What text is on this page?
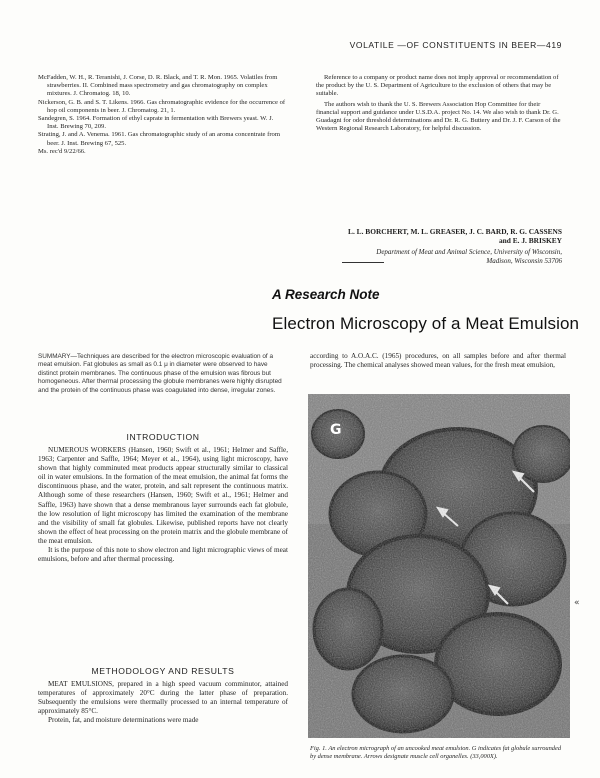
VOLATILE —OF CONSTITUENTS IN BEER—419

McFadden, W. H., R. Teranishi, J. Corse, D. R. Black, and T. R. Mon. 1965. Volatiles from strawberries. II. Combined mass spectrometry and gas chromatography on complex mixtures. J. Chromatog. 18, 10.

Nickerson, G. B. and S. T. Likens. 1966. Gas chromatographic evidence for the occurrence of hop oil components in beer. J. Chromatog. 21, 1.

Sandegren, S. 1964. Formation of ethyl caprate in fermentation with Brewers yeast. W. J. Inst. Brewing 70, 209.

Strating, J. and A. Venema. 1961. Gas chromatographic study of an aroma concentrate from beer. J. Inst. Brewing 67, 525.

Ms. rec'd 9/22/66.

Reference to a company or product name does not imply approval or recommendation of the product by the U. S. Department of Agriculture to the exclusion of others that may be suitable.

The authors wish to thank the U. S. Brewers Association Hop Committee for their financial support and guidance under U.S.D.A. project No. 14. We also wish to thank Dr. G. Guadagni for odor threshold determinations and Dr. R. G. Buttery and Dr. J. F. Carson of the Western Regional Research Laboratory, for helpful discussion.

L. L. BORCHERT, M. L. GREASER, J. C. BARD, R. G. CASSENS
and E. J. BRISKEY
Department of Meat and Animal Science, University of Wisconsin,
Madison, Wisconsin 53706
A Research Note
Electron Microscopy of a Meat Emulsion

SUMMARY—Techniques are described for the electron microscopic evaluation of a meat emulsion. Fat globules as small as 0.1 μ in diameter were observed to have distinct protein membranes. The continuous phase of the emulsion was fibrous but homogeneous. After thermal processing the globule membranes were highly disrupted and the protein of the continuous phase was coagulated into dense, irregular zones.

INTRODUCTION

NUMEROUS WORKERS (Hansen, 1960; Swift et al., 1961; Helmer and Saffle, 1963; Carpenter and Saffle, 1964; Meyer et al., 1964), using light microscopy, have shown that highly comminuted meat products appear structurally similar to classical oil in water emulsions. In the formation of the meat emulsion, the animal fat forms the discontinuous phase, and the water, protein, and salt represent the continuous matrix. Although some of these researchers (Hansen, 1960; Swift et al., 1961; Helmer and Saffle, 1963) have shown that a dense membranous layer surrounds each fat globule, the low resolution of light microscopy has limited the examination of the membrane and the visibility of small fat globules. Likewise, published reports have not clearly shown the effect of heat processing on the protein matrix and the globule membrane of the meat emulsion.

It is the purpose of this note to show electron and light micrographic views of meat emulsions, before and after thermal processing.

METHODOLOGY AND RESULTS

MEAT EMULSIONS, prepared in a high speed vacuum comminutor, attained temperatures of approximately 20°C during the latter phase of preparation. Subsequently the emulsions were thermally processed to an internal temperature of approximately 85°C.

Protein, fat, and moisture determinations were made

according to A.O.A.C. (1965) procedures, on all samples before and after thermal processing. The chemical analyses showed mean values, for the fresh meat emulsion,

G

Fig. 1. An electron micrograph of an uncooked meat emulsion. G indicates fat globule surrounded by dense membrane. Arrows designate muscle cell organelles. (33,000X).

«
